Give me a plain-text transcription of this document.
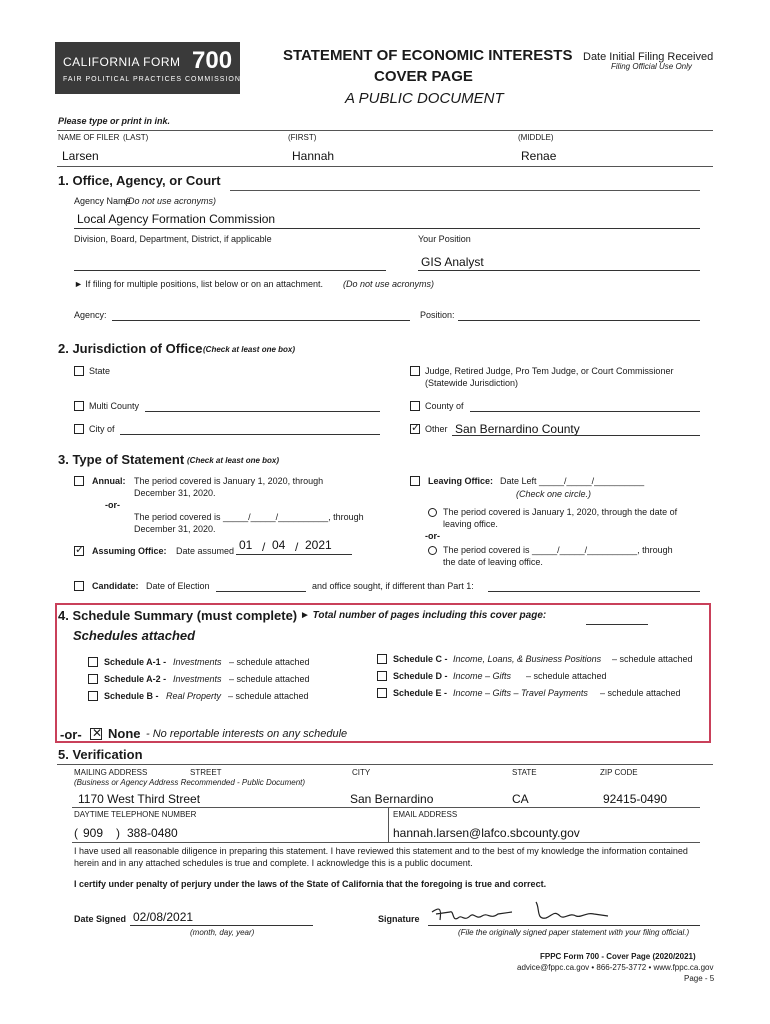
CALIFORNIA FORM 700
FAIR POLITICAL PRACTICES COMMISSION
STATEMENT OF ECONOMIC INTERESTS
COVER PAGE
A PUBLIC DOCUMENT
Date Initial Filing Received
Filing Official Use Only
Please type or print in ink.
NAME OF FILER (LAST)	(FIRST)	(MIDDLE)
Larsen	Hannah	Renae
1. Office, Agency, or Court
Agency Name
(Do not use acronyms)
Local Agency Formation Commission
Division, Board, Department, District, if applicable	Your Position
GIS Analyst
► If filing for multiple positions, list below or on an attachment. (Do not use acronyms)
Agency:	Position:
2. Jurisdiction of Office (Check at least one box)
State	Judge, Retired Judge, Pro Tem Judge, or Court Commissioner
(Statewide Jurisdiction)
Multi County	County of
City of
✓	Other San Bernardino County
3. Type of Statement (Check at least one box)
Annual: The period covered is January 1, 2020, through
December 31, 2020.
-or-
The period covered is _____/_____/__________, through
December 31, 2020.
✓
Assuming Office: Date assumed 01 / 04 / 2021
Leaving Office: Date Left _____/_____/__________
(Check one circle.)
The period covered is January 1, 2020, through the date of
leaving office.
-or-
The period covered is _____/_____/__________, through
the date of leaving office.
Candidate: Date of Election	and office sought, if different than Part 1:
4. Schedule Summary (must complete) ► Total number of pages including this cover page:
Schedules attached
Schedule A-1 - Investments – schedule attached
Schedule A-2 - Investments – schedule attached
Schedule B - Real Property – schedule attached
Schedule C - Income, Loans, & Business Positions – schedule attached
Schedule D - Income – Gifts – schedule attached
Schedule E - Income – Gifts – Travel Payments – schedule attached
-or- ✕ None - No reportable interests on any schedule
5. Verification
MAILING ADDRESS	STREET	CITY	STATE	ZIP CODE
(Business or Agency Address Recommended - Public Document)
1170 West Third Street	San Bernardino	CA	92415-0490
DAYTIME TELEPHONE NUMBER	EMAIL ADDRESS
( 909 ) 388-0480	hannah.larsen@lafco.sbcounty.gov
I have used all reasonable diligence in preparing this statement. I have reviewed this statement and to the best of my knowledge the information contained
herein and in any attached schedules is true and complete. I acknowledge this is a public document.
I certify under penalty of perjury under the laws of the State of California that the foregoing is true and correct.
Date Signed 02/08/2021
(month, day, year)
Signature
(File the originally signed paper statement with your filing official.)
FPPC Form 700 - Cover Page (2020/2021)
advice@fppc.ca.gov • 866-275-3772 • www.fppc.ca.gov
Page - 5
